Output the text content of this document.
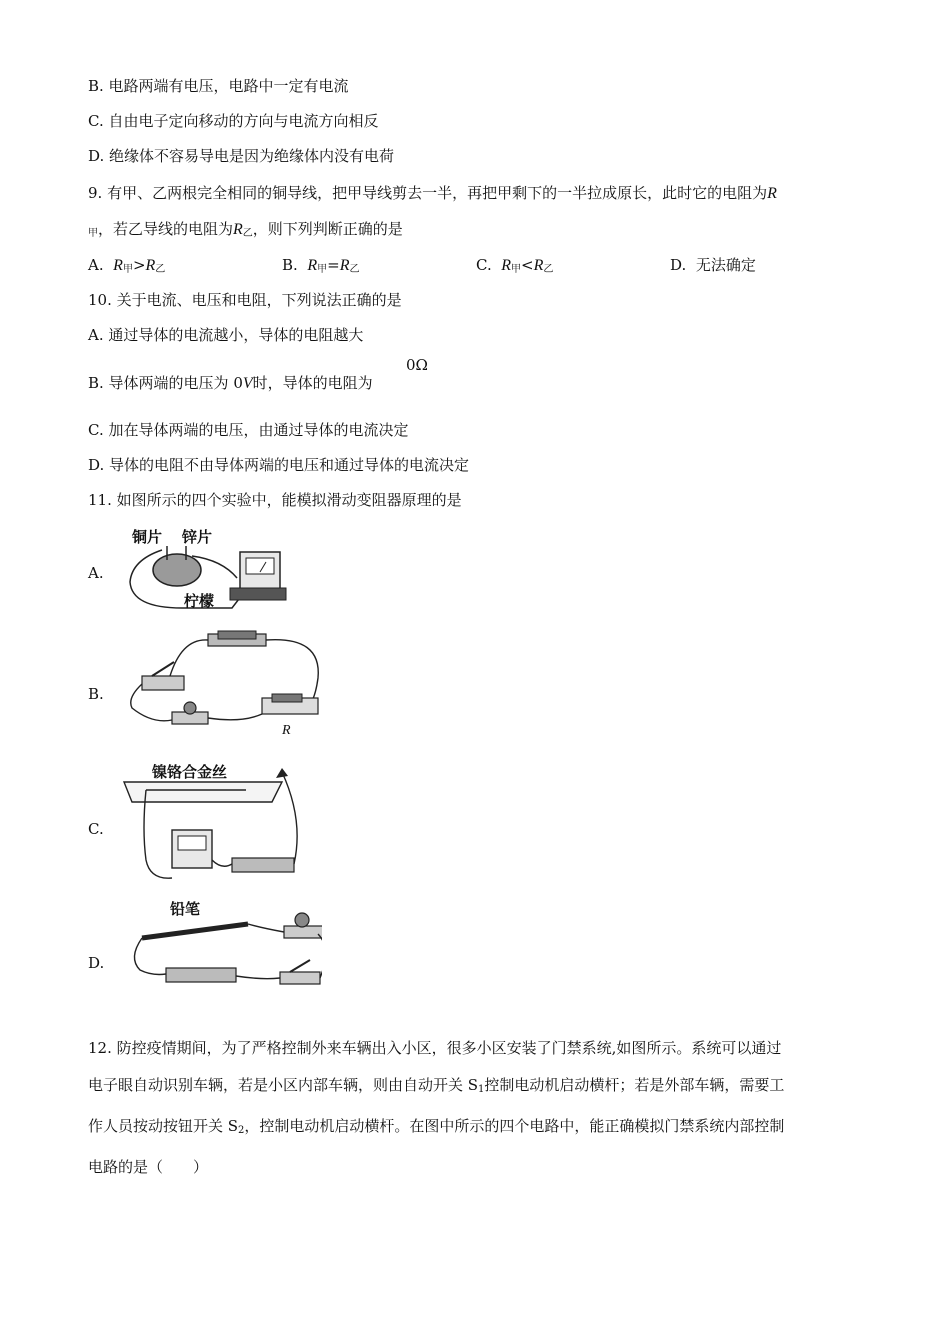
B. 电路两端有电压，电路中一定有电流
C. 自由电子定向移动的方向与电流方向相反
D. 绝缘体不容易导电是因为绝缘体内没有电荷
9. 有甲、乙两根完全相同的铜导线，把甲导线剪去一半，再把甲剩下的一半拉成原长，此时它的电阻为R
$_甲$，若乙导线的电阻为$R_乙$，则下列判断正确的是
A. $R_甲>R_乙$	B. $R_甲=R_乙$	C. $R_甲<R_乙$	D. 无法确定
10. 关于电流、电压和电阻，下列说法正确的是
A. 通过导体的电流越小，导体的电阻越大
B. 导体两端的电压为 0V时，导体的电阻为
0Ω
C. 加在导体两端的电压，由通过导体的电流决定
D. 导体的电阻不由导体两端的电压和通过导体的电流决定
11. 如图所示的四个实验中，能模拟滑动变阻器原理的是
A.
B.
C.
D.
铜片 锌片
柠檬
R
镍铬合金丝
铅笔
12. 防控疫情期间，为了严格控制外来车辆出入小区，很多小区安装了门禁系统,如图所示。系统可以通过
电子眼自动识别车辆，若是小区内部车辆，则由自动开关 $S_1$控制电动机启动横杆；若是外部车辆，需要工
作人员按动按钮开关 $S_2$，控制电动机启动横杆。在图中所示的四个电路中，能正确模拟门禁系统内部控制
电路的是（　　）
